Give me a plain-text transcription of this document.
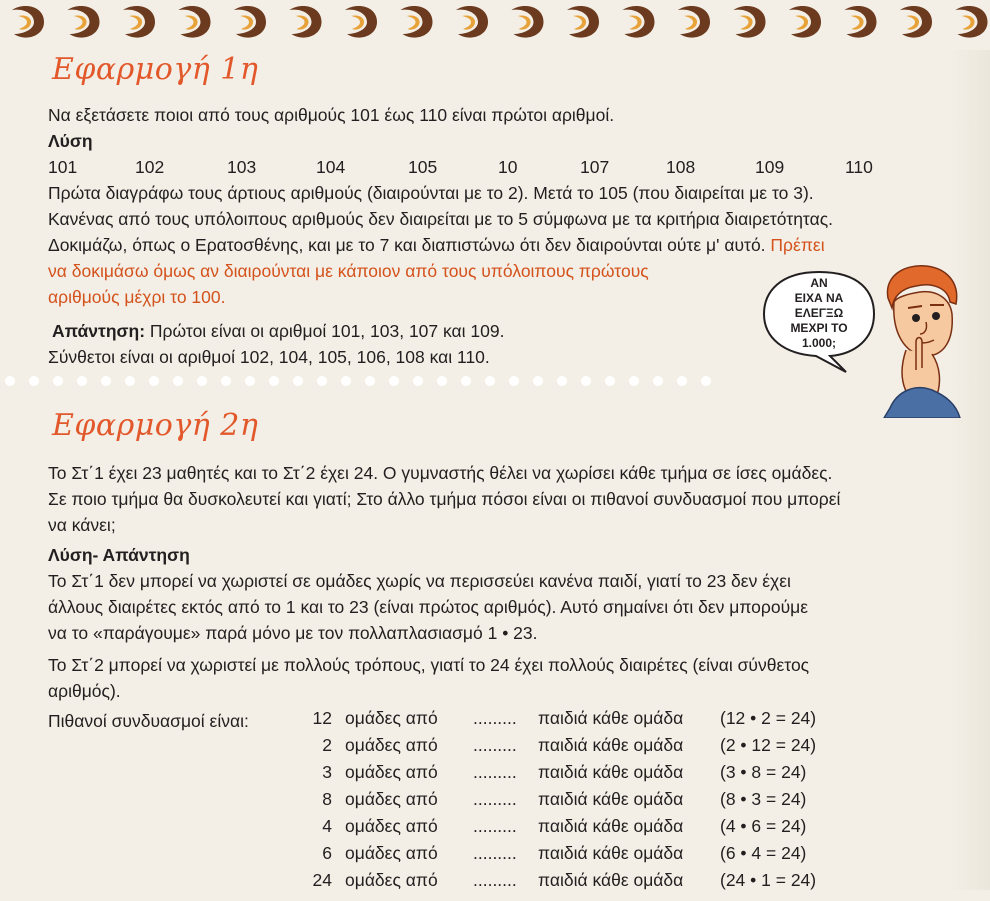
Εφαρμογή 1η
Να εξετάσετε ποιοι από τους αριθμούς 101 έως 110 είναι πρώτοι αριθμοί.
Λύση
101	102	103	104	105	10	107	108	109	110
Πρώτα διαγράφω τους άρτιους αριθμούς (διαιρούνται με το 2). Μετά το 105 (που διαιρείται με το 3).
Κανένας από τους υπόλοιπους αριθμούς δεν διαιρείται με το 5 σύμφωνα με τα κριτήρια διαιρετότητας.
Δοκιμάζω, όπως ο Ερατοσθένης, και με το 7 και διαπιστώνω ότι δεν διαιρούνται ούτε μ' αυτό. Πρέπει
να δοκιμάσω όμως αν διαιρούνται με κάποιον από τους υπόλοιπους πρώτους
αριθμούς μέχρι το 100.
Απάντηση: Πρώτοι είναι οι αριθμοί 101, 103, 107 και 109.
Σύνθετοι είναι οι αριθμοί 102, 104, 105, 106, 108 και 110.
ΑΝ
ΕΙΧΑ ΝΑ
ΕΛΕΓΞΩ
ΜΕΧΡΙ ΤΟ
1.000;
Εφαρμογή 2η
Το Στ΄1 έχει 23 μαθητές και το Στ΄2 έχει 24. Ο γυμναστής θέλει να χωρίσει κάθε τμήμα σε ίσες ομάδες.
Σε ποιο τμήμα θα δυσκολευτεί και γιατί; Στο άλλο τμήμα πόσοι είναι οι πιθανοί συνδυασμοί που μπορεί
να κάνει;
Λύση- Απάντηση
Το Στ΄1 δεν μπορεί να χωριστεί σε ομάδες χωρίς να περισσεύει κανένα παιδί, γιατί το 23 δεν έχει
άλλους διαιρέτες εκτός από το 1 και το 23 (είναι πρώτος αριθμός). Αυτό σημαίνει ότι δεν μπορούμε
να το «παράγουμε» παρά μόνο με τον πολλαπλασιασμό 1 • 23.
Το Στ΄2 μπορεί να χωριστεί με πολλούς τρόπους, γιατί το 24 έχει πολλούς διαιρέτες (είναι σύνθετος
αριθμός).
Πιθανοί συνδυασμοί είναι:	12 ομάδες από ......... παιδιά κάθε ομάδα (12 • 2 = 24)
2 ομάδες από ......... παιδιά κάθε ομάδα (2 • 12 = 24)
3 ομάδες από ......... παιδιά κάθε ομάδα (3 • 8 = 24)
8 ομάδες από ......... παιδιά κάθε ομάδα (8 • 3 = 24)
4 ομάδες από ......... παιδιά κάθε ομάδα (4 • 6 = 24)
6 ομάδες από ......... παιδιά κάθε ομάδα (6 • 4 = 24)
24 ομάδες από ......... παιδιά κάθε ομάδα (24 • 1 = 24)
